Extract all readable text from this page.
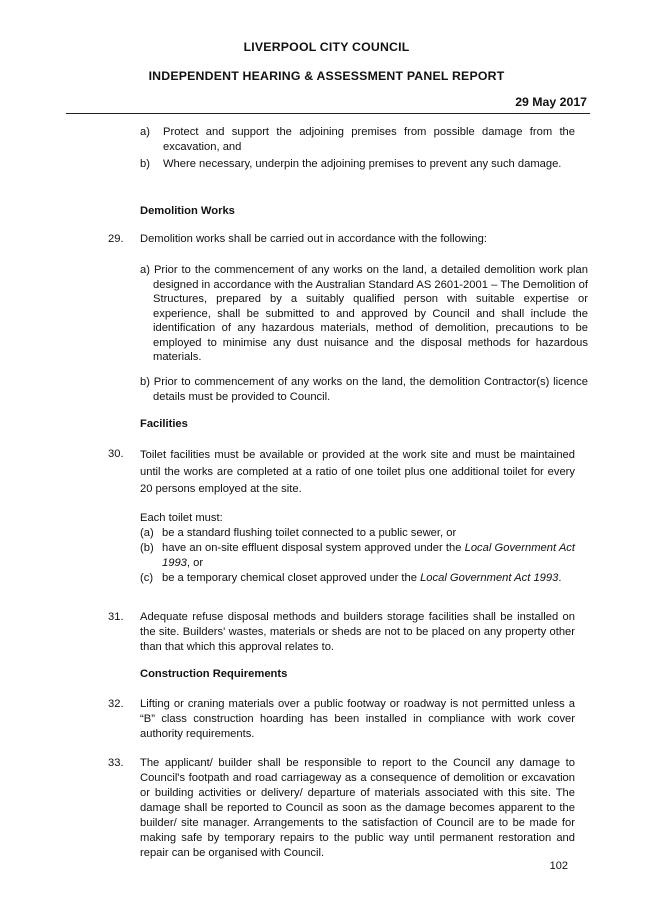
LIVERPOOL CITY COUNCIL
INDEPENDENT HEARING & ASSESSMENT PANEL REPORT
29 May 2017
a)	Protect and support the adjoining premises from possible damage from the excavation, and
b)	Where necessary, underpin the adjoining premises to prevent any such damage.
Demolition Works
29. Demolition works shall be carried out in accordance with the following:
a) Prior to the commencement of any works on the land, a detailed demolition work plan designed in accordance with the Australian Standard AS 2601-2001 – The Demolition of Structures, prepared by a suitably qualified person with suitable expertise or experience, shall be submitted to and approved by Council and shall include the identification of any hazardous materials, method of demolition, precautions to be employed to minimise any dust nuisance and the disposal methods for hazardous materials.
b) Prior to commencement of any works on the land, the demolition Contractor(s) licence details must be provided to Council.
Facilities
30. Toilet facilities must be available or provided at the work site and must be maintained until the works are completed at a ratio of one toilet plus one additional toilet for every 20 persons employed at the site.
Each toilet must:
(a) be a standard flushing toilet connected to a public sewer, or
(b) have an on-site effluent disposal system approved under the Local Government Act 1993, or
(c) be a temporary chemical closet approved under the Local Government Act 1993.
31. Adequate refuse disposal methods and builders storage facilities shall be installed on the site. Builders' wastes, materials or sheds are not to be placed on any property other than that which this approval relates to.
Construction Requirements
32. Lifting or craning materials over a public footway or roadway is not permitted unless a “B” class construction hoarding has been installed in compliance with work cover authority requirements.
33. The applicant/ builder shall be responsible to report to the Council any damage to Council's footpath and road carriageway as a consequence of demolition or excavation or building activities or delivery/ departure of materials associated with this site. The damage shall be reported to Council as soon as the damage becomes apparent to the builder/ site manager. Arrangements to the satisfaction of Council are to be made for making safe by temporary repairs to the public way until permanent restoration and repair can be organised with Council.
102
